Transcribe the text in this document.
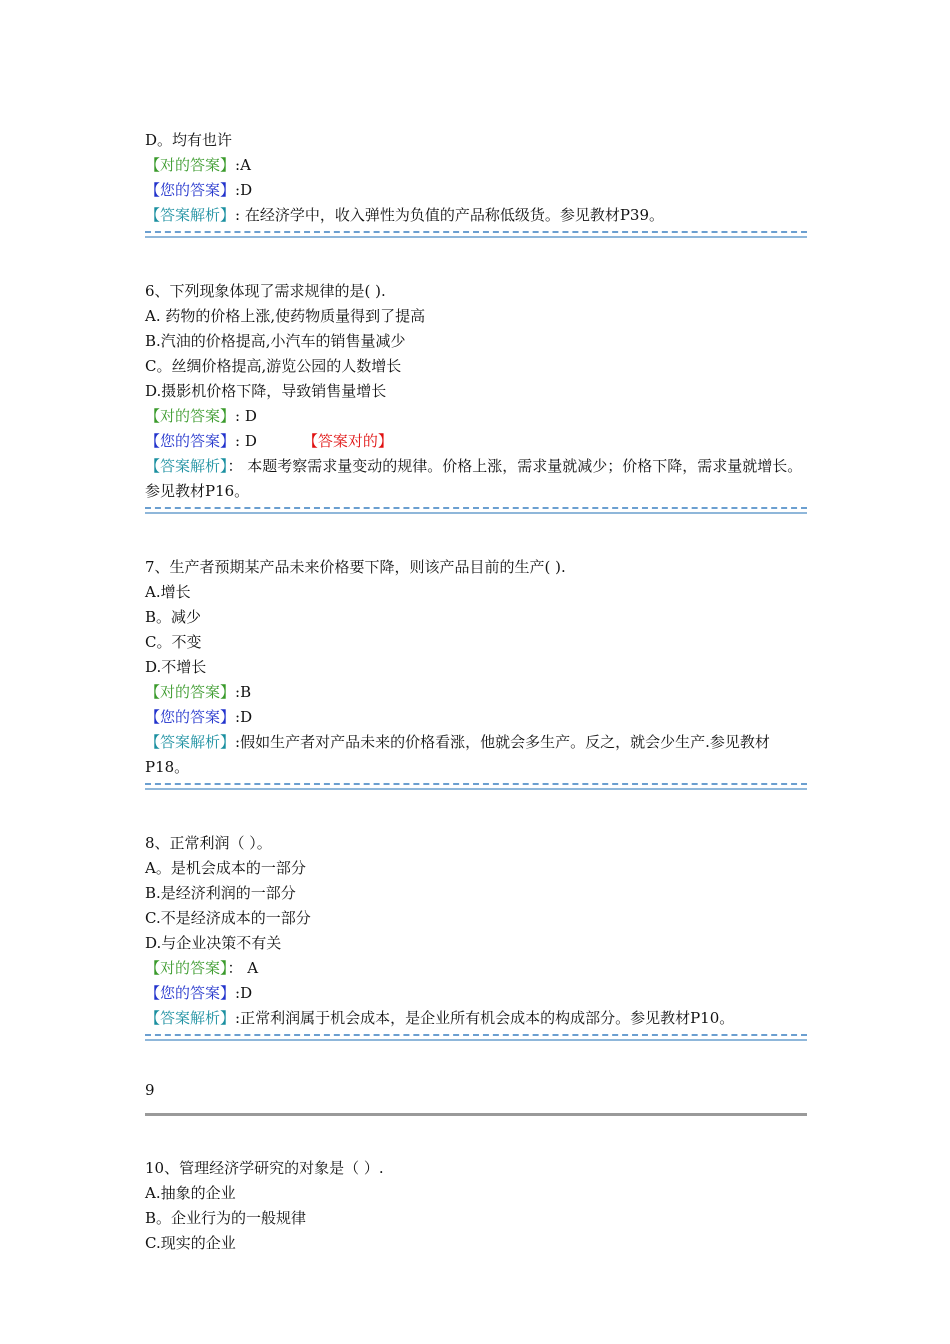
D。均有也许
【对的答案】:A
【您的答案】:D
【答案解析】: 在经济学中，收入弹性为负值的产品称低级货。参见教材P39。
6、下列现象体现了需求规律的是( ).
A. 药物的价格上涨,使药物质量得到了提高
B.汽油的价格提高,小汽车的销售量减少
C。丝绸价格提高,游览公园的人数增长
D.摄影机价格下降，导致销售量增长
【对的答案】: D
【您的答案】: D	【答案对的】
【答案解析】： 本题考察需求量变动的规律。价格上涨，需求量就减少；价格下降，需求量就增长。参见教材P16。
7、生产者预期某产品未来价格要下降，则该产品目前的生产( ).
A.增长
B。减少
C。不变
D.不增长
【对的答案】:B
【您的答案】:D
【答案解析】:假如生产者对产品未来的价格看涨，他就会多生产。反之，就会少生产.参见教材P18。
8、正常利润（ ）。
A。是机会成本的一部分
B.是经济利润的一部分
C.不是经济成本的一部分
D.与企业决策不有关
【对的答案】： A
【您的答案】:D
【答案解析】:正常利润属于机会成本，是企业所有机会成本的构成部分。参见教材P10。
9
10、管理经济学研究的对象是（ ）.
A.抽象的企业
B。企业行为的一般规律
C.现实的企业
